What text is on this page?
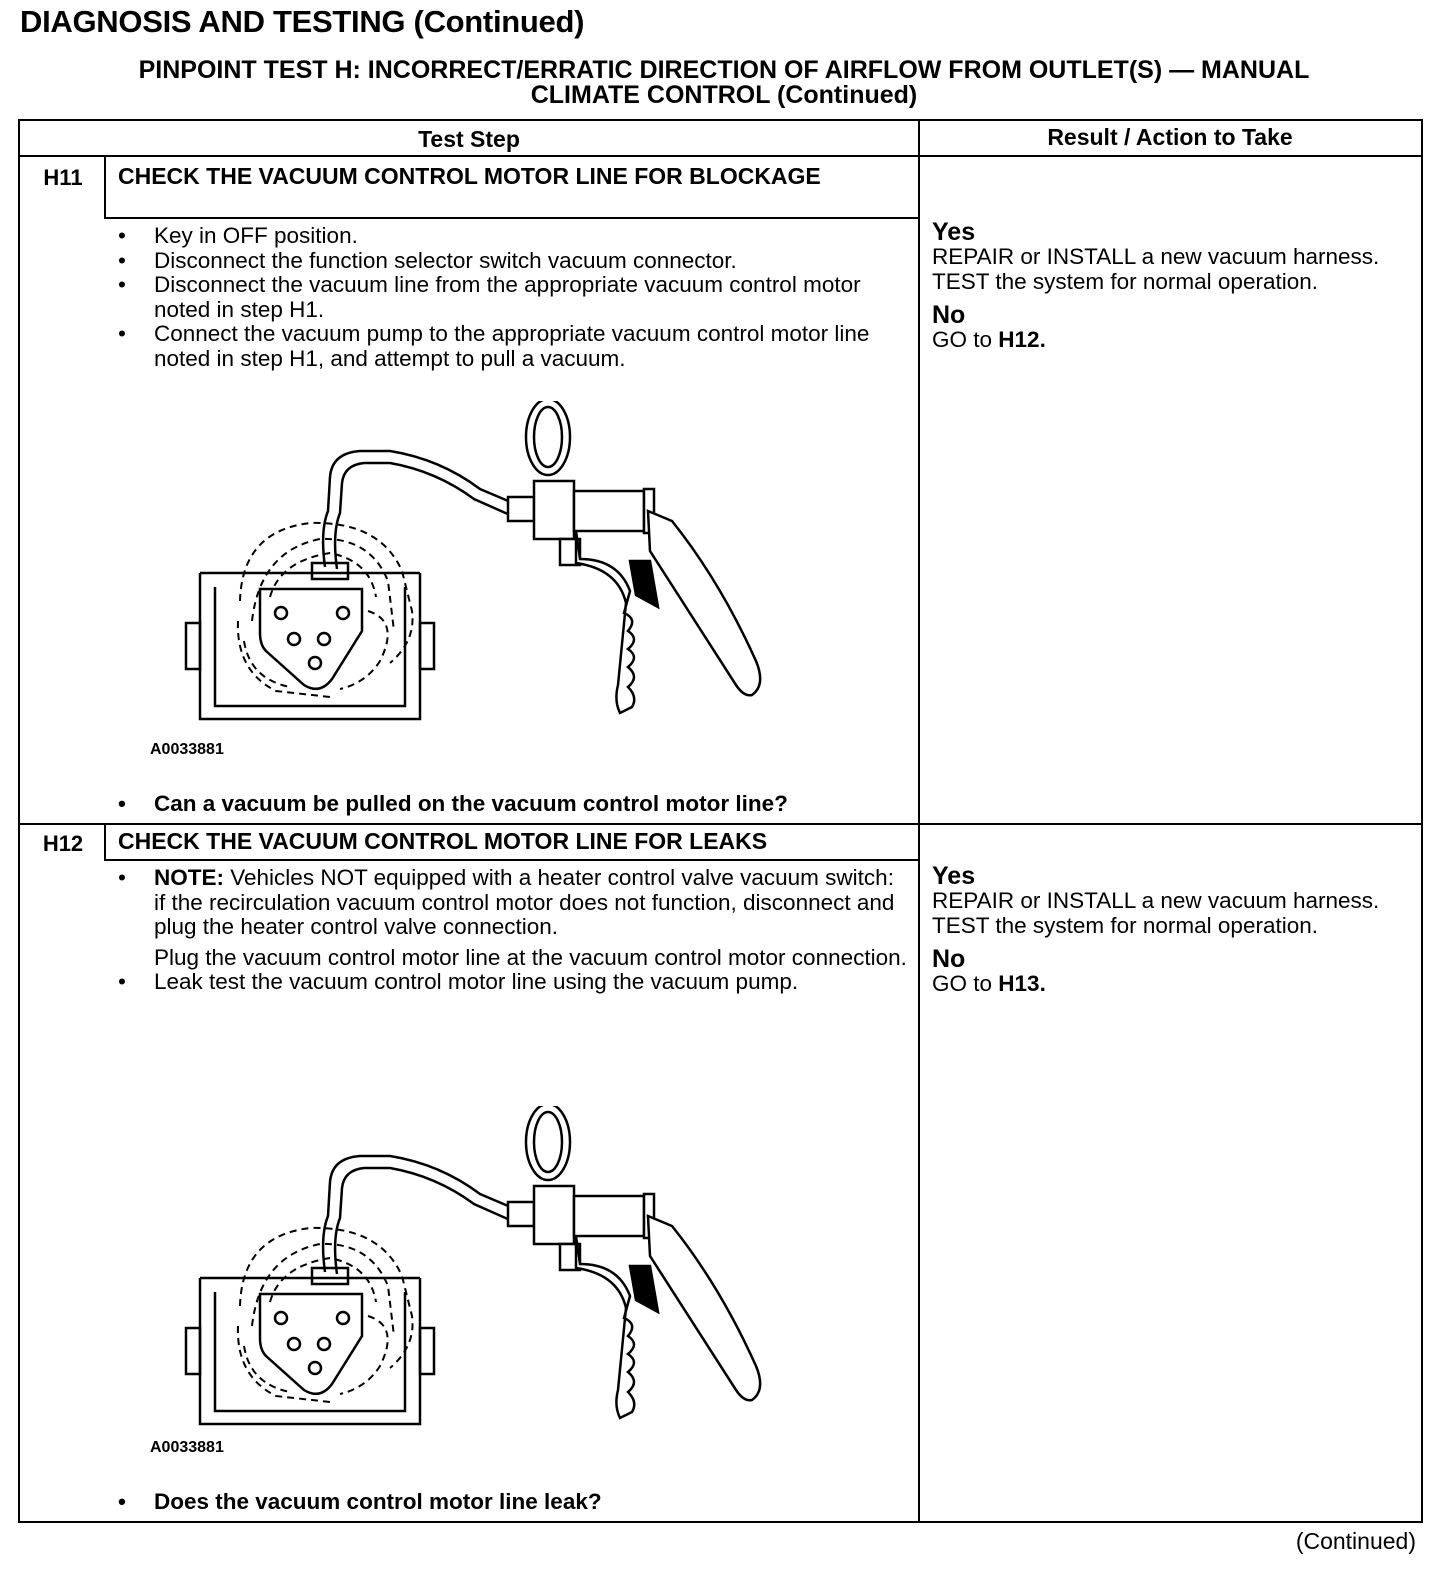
DIAGNOSIS AND TESTING (Continued)
PINPOINT TEST H: INCORRECT/ERRATIC DIRECTION OF AIRFLOW FROM OUTLET(S) — MANUAL
CLIMATE CONTROL (Continued)
Test Step	Result / Action to Take
H11	CHECK THE VACUUM CONTROL MOTOR LINE FOR BLOCKAGE
• Key in OFF position.
• Disconnect the function selector switch vacuum connector.
• Disconnect the vacuum line from the appropriate vacuum control motor noted in step H1.
• Connect the vacuum pump to the appropriate vacuum control motor line noted in step H1, and attempt to pull a vacuum.
A0033881
• Can a vacuum be pulled on the vacuum control motor line?
Yes
REPAIR or INSTALL a new vacuum harness. TEST the system for normal operation.
No
GO to H12.
H12	CHECK THE VACUUM CONTROL MOTOR LINE FOR LEAKS
• NOTE: Vehicles NOT equipped with a heater control valve vacuum switch: if the recirculation vacuum control motor does not function, disconnect and plug the heater control valve connection.
Plug the vacuum control motor line at the vacuum control motor connection.
• Leak test the vacuum control motor line using the vacuum pump.
A0033881
• Does the vacuum control motor line leak?
Yes
REPAIR or INSTALL a new vacuum harness. TEST the system for normal operation.
No
GO to H13.
(Continued)
